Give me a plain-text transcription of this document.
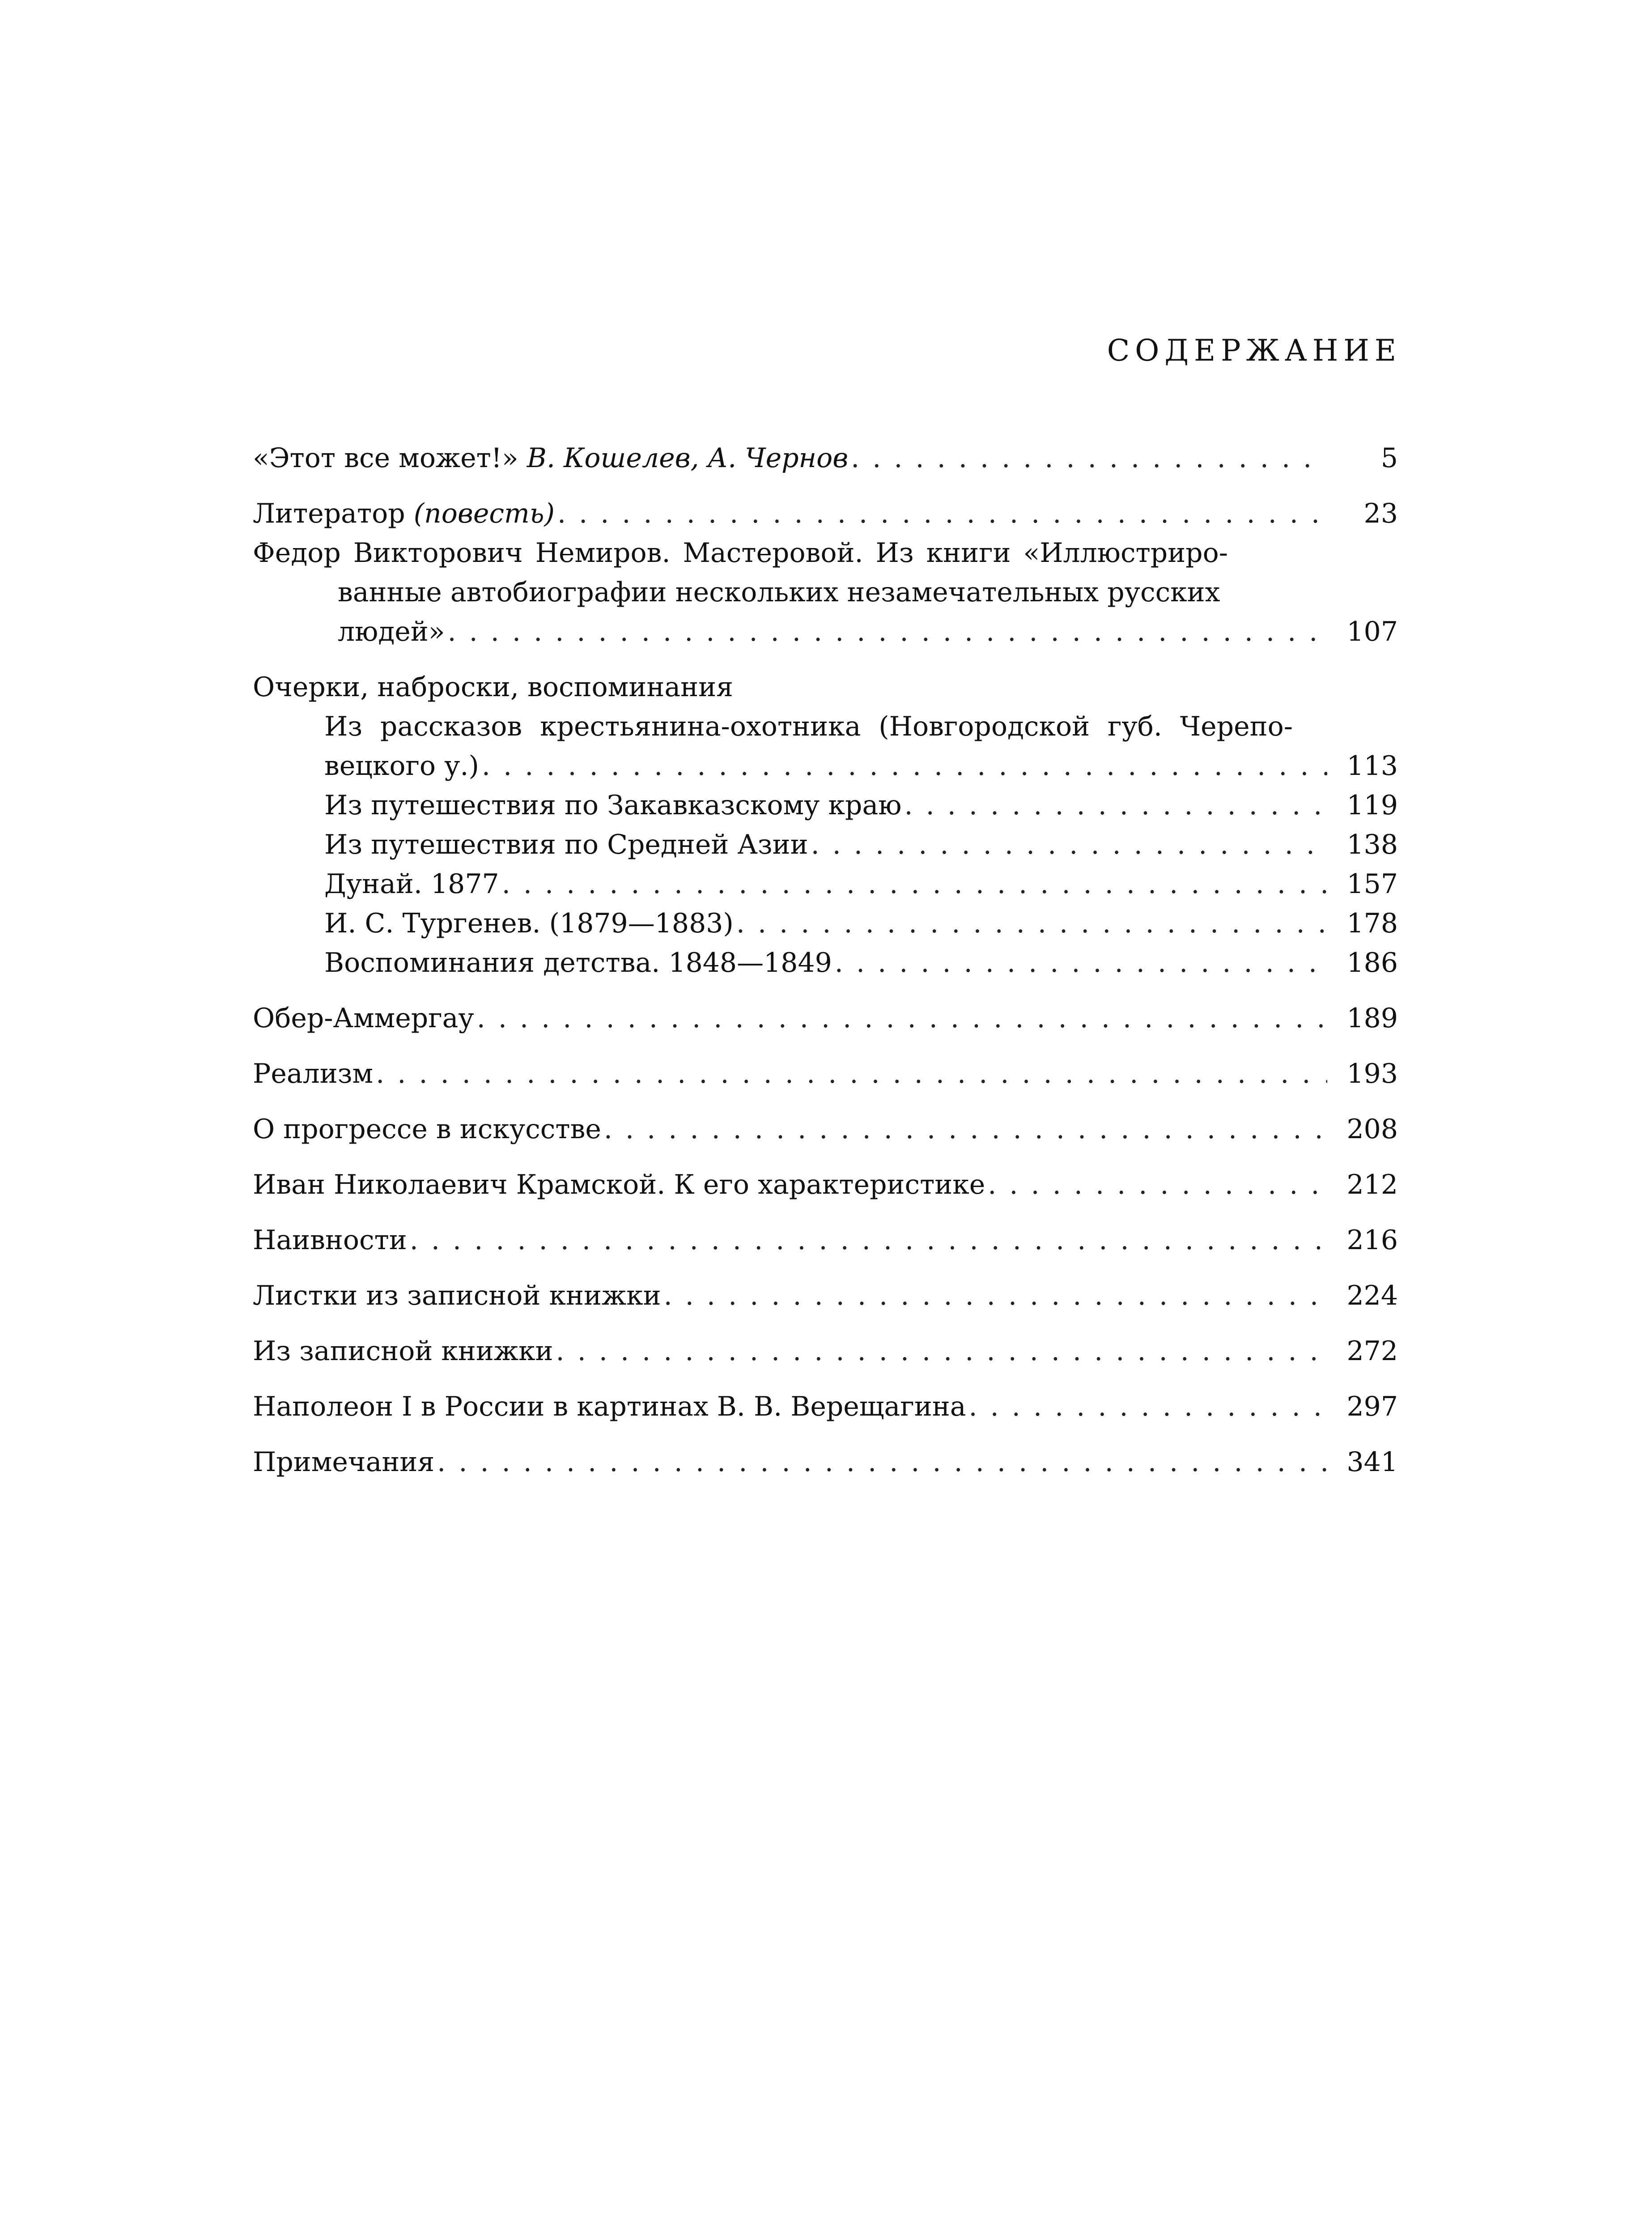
СОДЕРЖАНИЕ
«Этот все может!» В. Кошелев, А. Чернов . . .	5
Литератор (повесть) . . .	23
Федор Викторович Немиров. Мастеровой. Из книги «Иллюстриро-
ванные автобиографии нескольких незамечательных русских
людей» . . .	107
Очерки, наброски, воспоминания
Из рассказов крестьянина-охотника (Новгородской губ. Черепо-
вецкого у.) . . .	113
Из путешествия по Закавказскому краю . . .	119
Из путешествия по Средней Азии . . .	138
Дунай. 1877 . . .	157
И. С. Тургенев. (1879—1883) . . .	178
Воспоминания детства. 1848—1849 . . .	186
Обер-Аммергау . . .	189
Реализм . . .	193
О прогрессе в искусстве . . .	208
Иван Николаевич Крамской. К его характеристике . . .	212
Наивности . . .	216
Листки из записной книжки . . .	224
Из записной книжки . . .	272
Наполеон I в России в картинах В. В. Верещагина . . .	297
Примечания . . .	341
